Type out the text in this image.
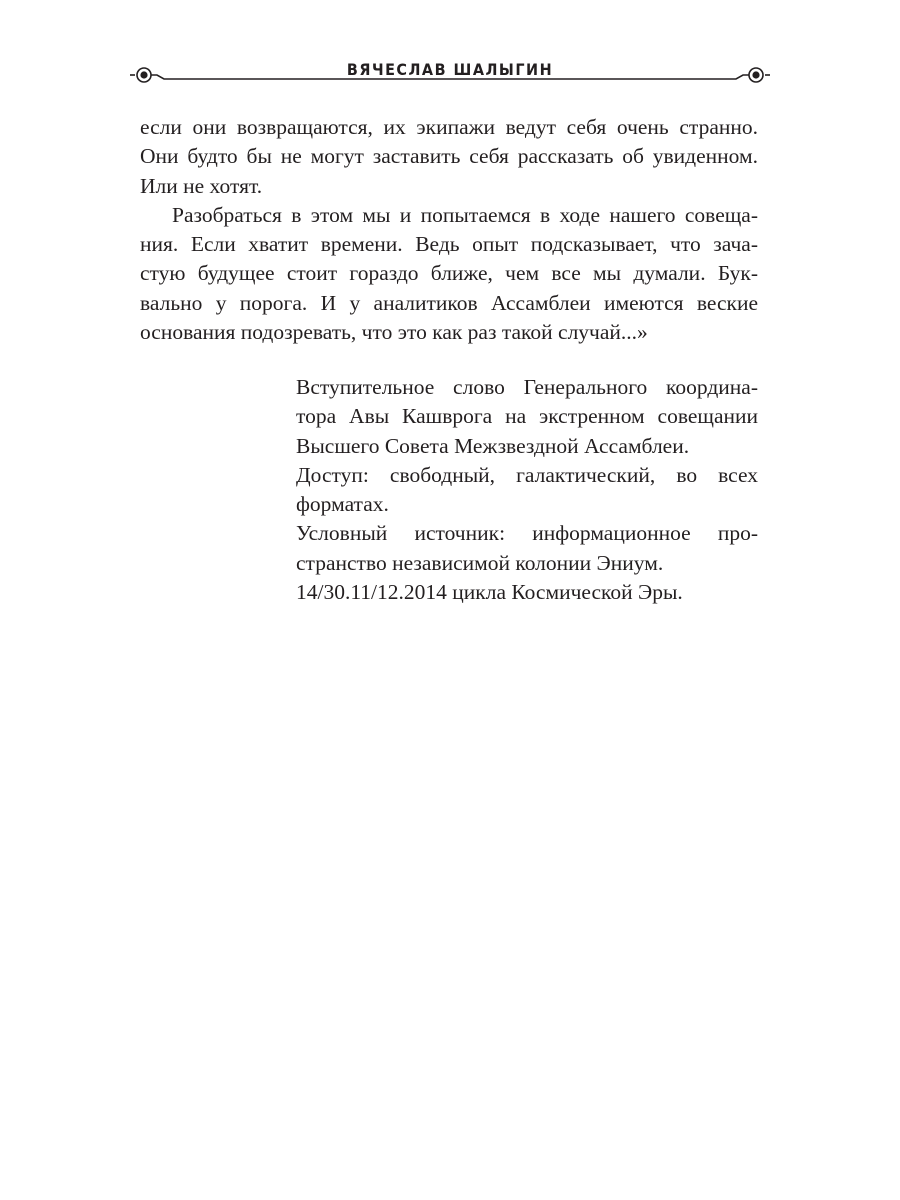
ВЯЧЕСЛАВ ШАЛЫГИН

если они возвращаются, их экипажи ведут себя очень странно.
Они будто бы не могут заставить себя рассказать об увиденном.
Или не хотят.

Разобраться в этом мы и попытаемся в ходе нашего совеща-
ния. Если хватит времени. Ведь опыт подсказывает, что зача-
стую будущее стоит гораздо ближе, чем все мы думали. Бук-
вально у порога. И у аналитиков Ассамблеи имеются веские
основания подозревать, что это как раз такой случай...»

Вступительное слово Генерального координа-
тора Авы Кашврога на экстренном совещании
Высшего Совета Межзвездной Ассамблеи.
Доступ: свободный, галактический, во всех
форматах.
Условный источник: информационное про-
странство независимой колонии Эниум.
14/30.11/12.2014 цикла Космической Эры.
